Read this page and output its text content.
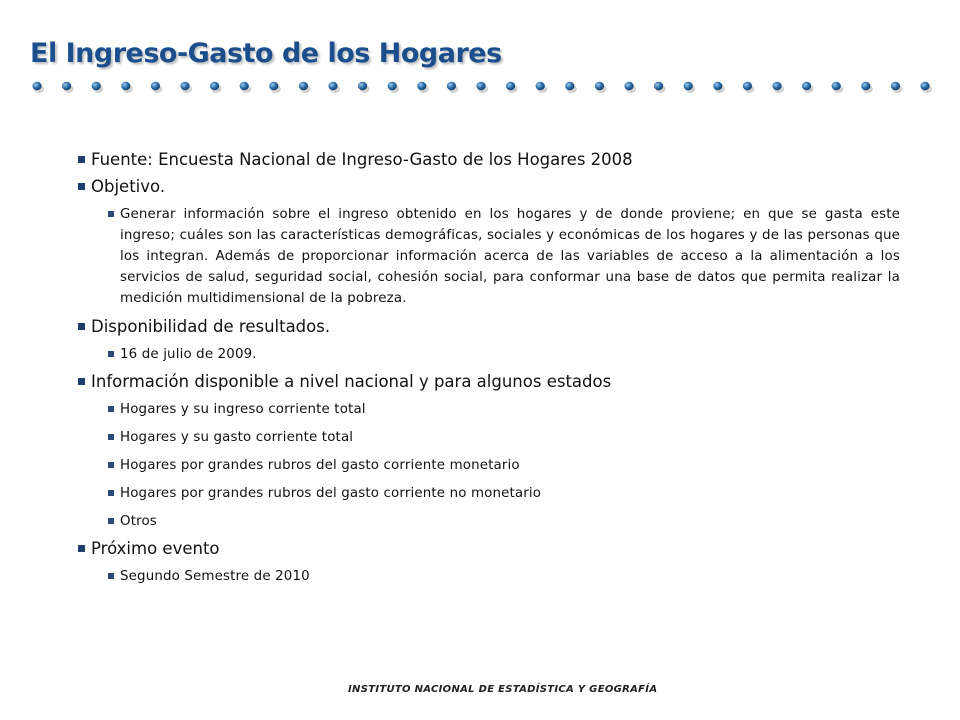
El Ingreso-Gasto de los Hogares
Fuente: Encuesta Nacional de Ingreso-Gasto de los Hogares 2008
Objetivo.
Generar información sobre el ingreso obtenido en los hogares y de donde proviene; en que se gasta este ingreso; cuáles son las características demográficas, sociales y económicas de los hogares y de las personas que los integran. Además de proporcionar información acerca de las variables de acceso a la alimentación a los servicios de salud, seguridad social, cohesión social, para conformar una base de datos que permita realizar la medición multidimensional de la pobreza.
Disponibilidad de resultados.
16 de julio de 2009.
Información disponible a nivel nacional y para algunos estados
Hogares y su ingreso corriente total
Hogares y su gasto corriente total
Hogares por grandes rubros del gasto corriente monetario
Hogares por grandes rubros del gasto corriente no monetario
Otros
Próximo evento
Segundo Semestre de 2010
INSTITUTO NACIONAL DE ESTADÍSTICA Y GEOGRAFÍA
